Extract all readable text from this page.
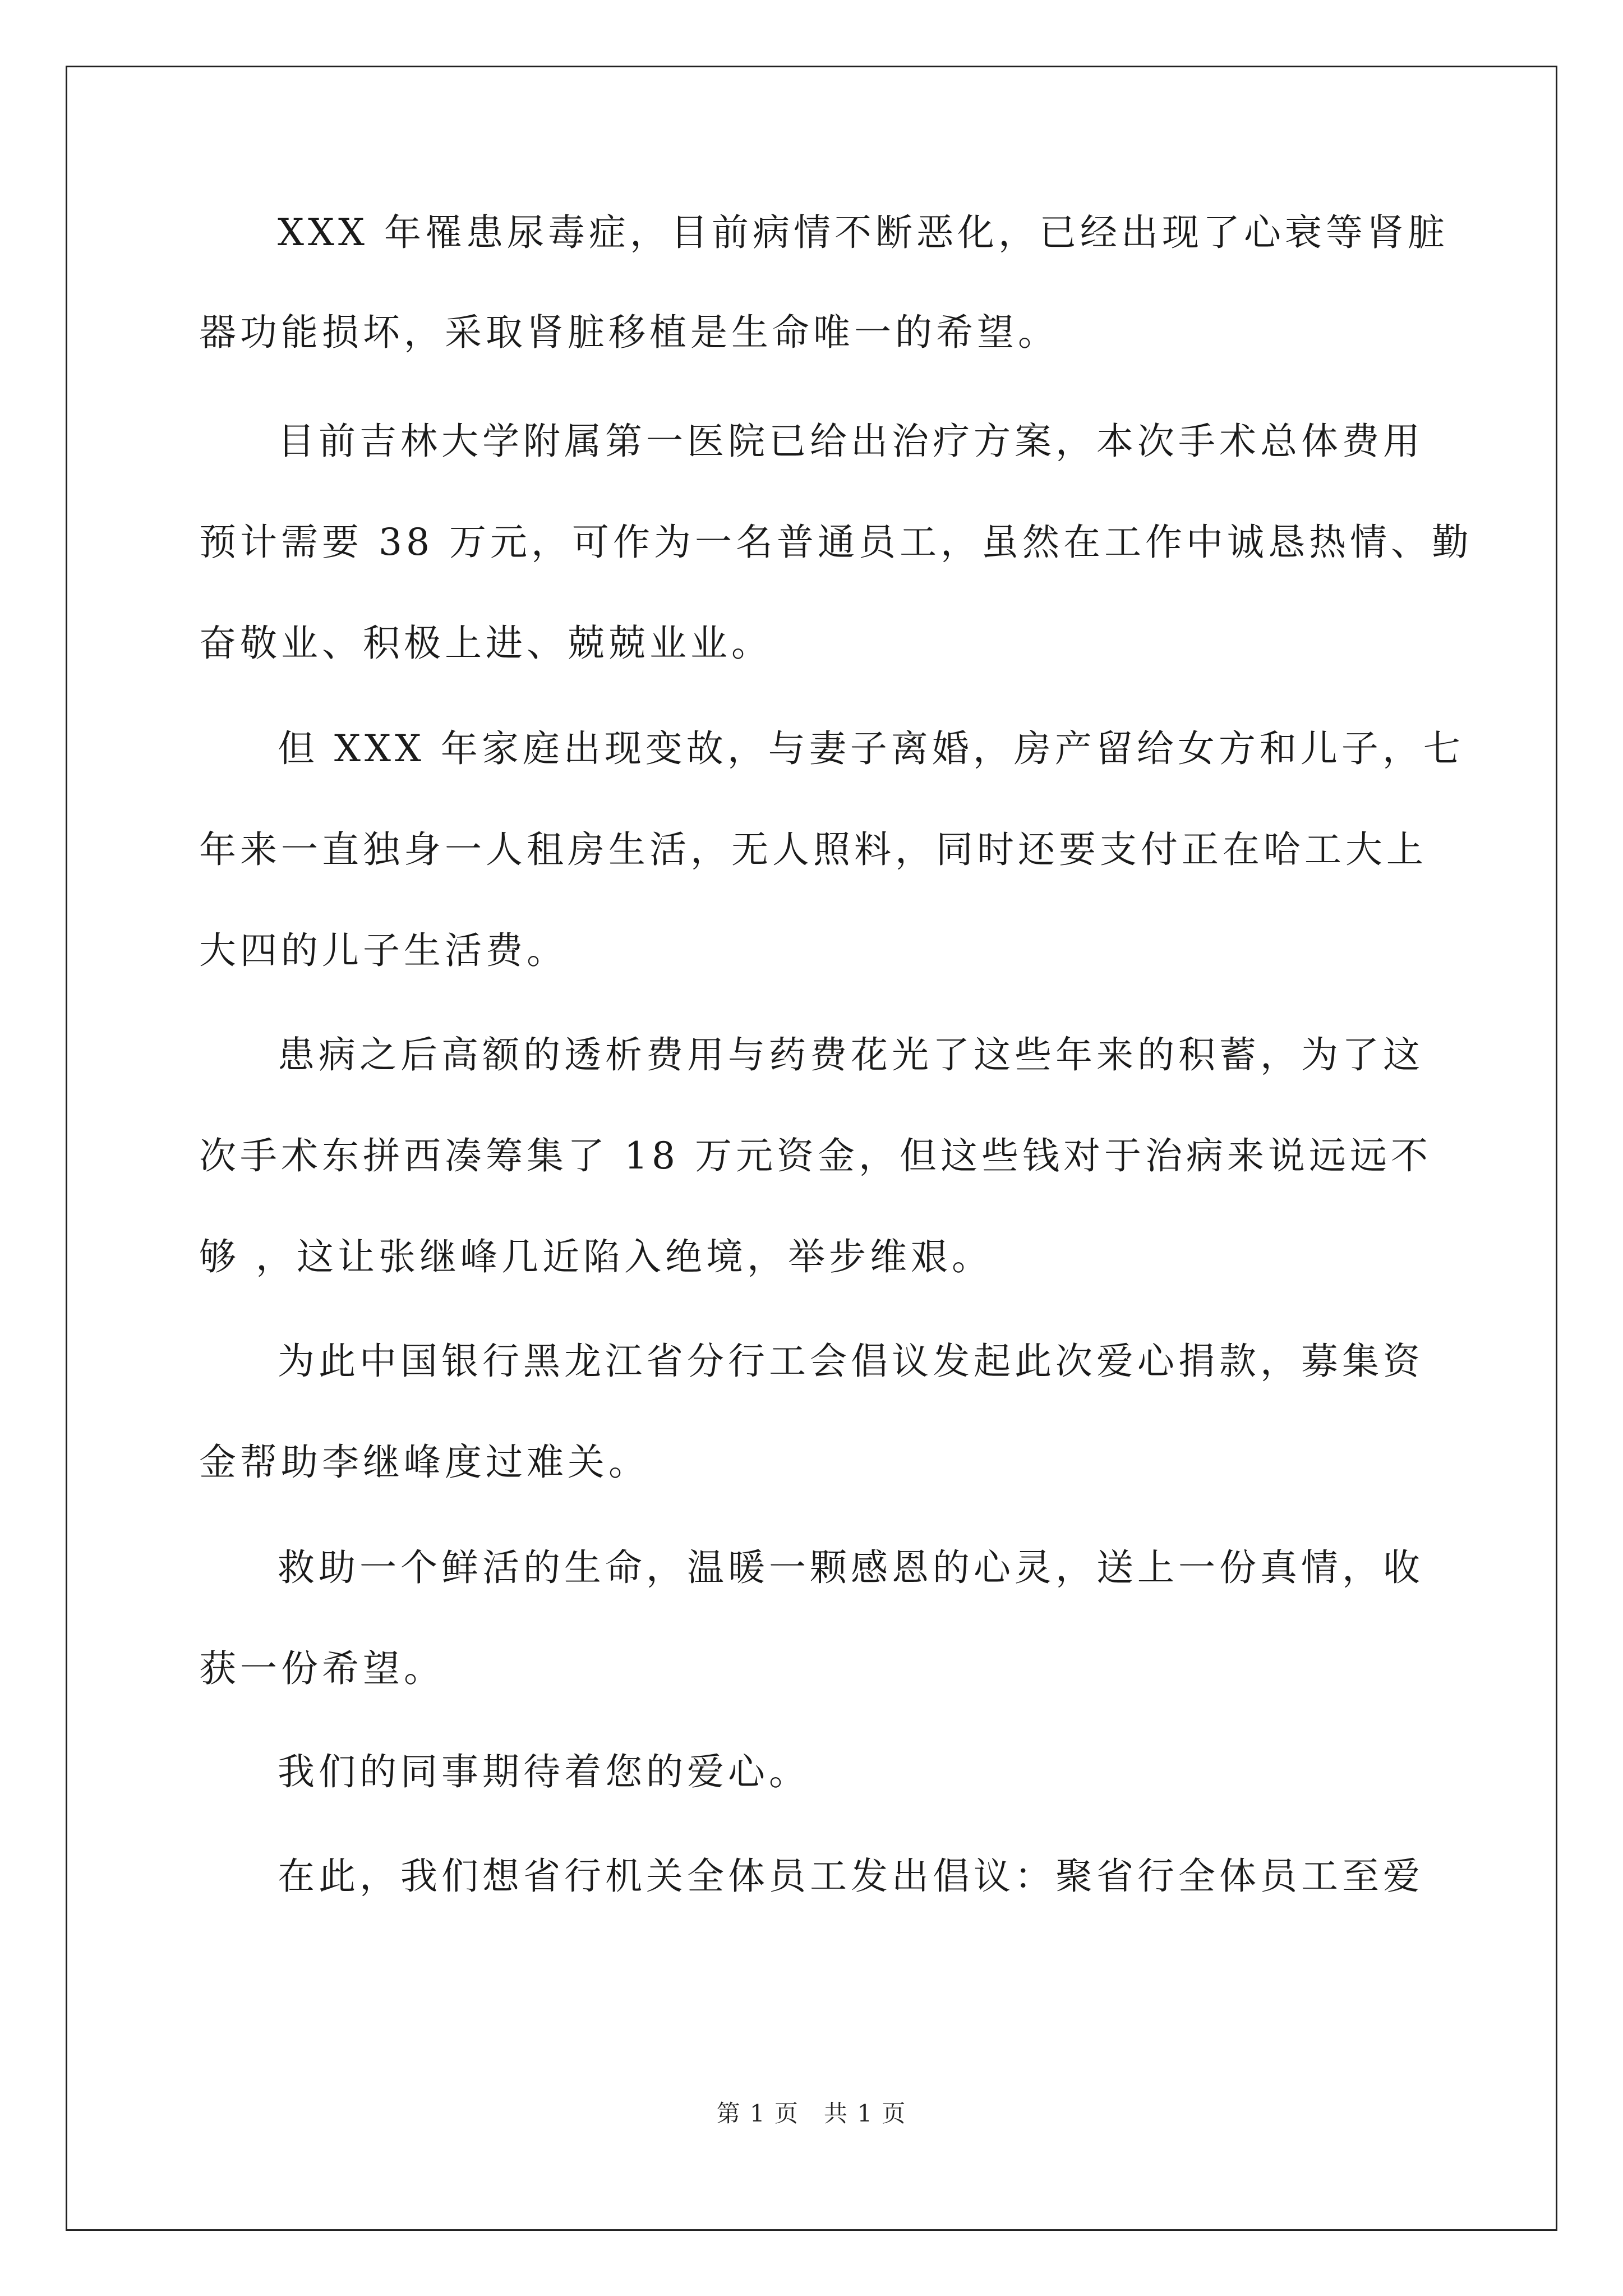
XXX 年罹患尿毒症，目前病情不断恶化，已经出现了心衰等肾脏
器功能损坏，采取肾脏移植是生命唯一的希望。
目前吉林大学附属第一医院已给出治疗方案，本次手术总体费用
预计需要 38 万元，可作为一名普通员工，虽然在工作中诚恳热情、勤
奋敬业、积极上进、兢兢业业。
但 XXX 年家庭出现变故，与妻子离婚，房产留给女方和儿子，七
年来一直独身一人租房生活，无人照料，同时还要支付正在哈工大上
大四的儿子生活费。
患病之后高额的透析费用与药费花光了这些年来的积蓄，为了这
次手术东拼西凑筹集了 18 万元资金，但这些钱对于治病来说远远不
够 ，这让张继峰几近陷入绝境，举步维艰。
为此中国银行黑龙江省分行工会倡议发起此次爱心捐款，募集资
金帮助李继峰度过难关。
救助一个鲜活的生命，温暖一颗感恩的心灵，送上一份真情，收
获一份希望。
我们的同事期待着您的爱心。
在此，我们想省行机关全体员工发出倡议：聚省行全体员工至爱
第 1 页　共 1 页
